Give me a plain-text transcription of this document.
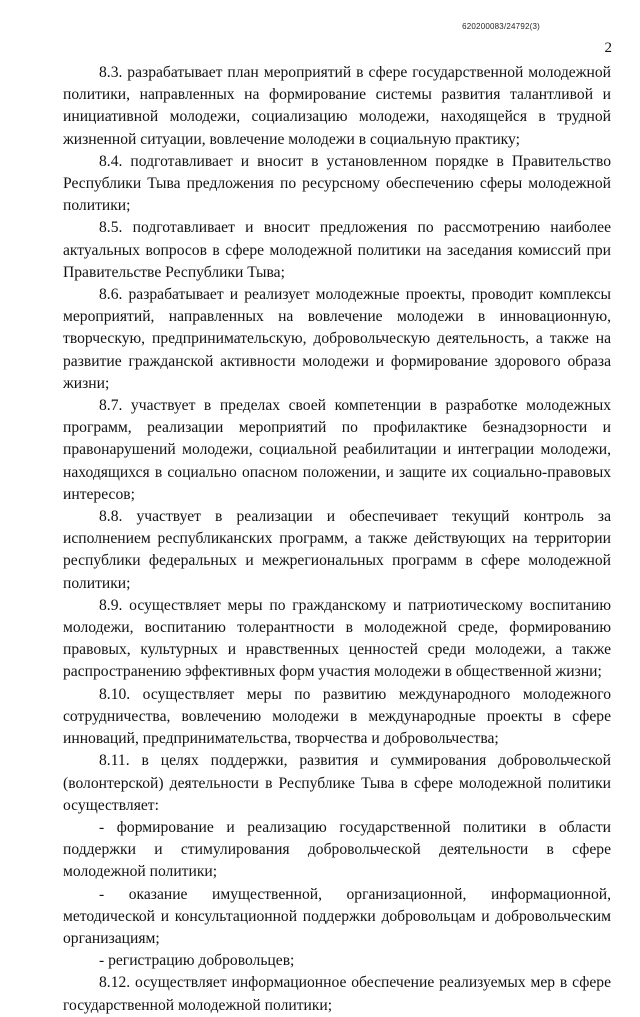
620200083/24792(3)
2

8.3. разрабатывает план мероприятий в сфере государственной молодежной политики, направленных на формирование системы развития талантливой и инициативной молодежи, социализацию молодежи, находящейся в трудной жизненной ситуации, вовлечение молодежи в социальную практику;

8.4. подготавливает и вносит в установленном порядке в Правительство Республики Тыва предложения по ресурсному обеспечению сферы молодежной политики;

8.5. подготавливает и вносит предложения по рассмотрению наиболее актуальных вопросов в сфере молодежной политики на заседания комиссий при Правительстве Республики Тыва;

8.6. разрабатывает и реализует молодежные проекты, проводит комплексы мероприятий, направленных на вовлечение молодежи в инновационную, творческую, предпринимательскую, добровольческую деятельность, а также на развитие гражданской активности молодежи и формирование здорового образа жизни;

8.7. участвует в пределах своей компетенции в разработке молодежных программ, реализации мероприятий по профилактике безнадзорности и правонарушений молодежи, социальной реабилитации и интеграции молодежи, находящихся в социально опасном положении, и защите их социально-правовых интересов;

8.8. участвует в реализации и обеспечивает текущий контроль за исполнением республиканских программ, а также действующих на территории республики федеральных и межрегиональных программ в сфере молодежной политики;

8.9. осуществляет меры по гражданскому и патриотическому воспитанию молодежи, воспитанию толерантности в молодежной среде, формированию правовых, культурных и нравственных ценностей среди молодежи, а также распространению эффективных форм участия молодежи в общественной жизни;

8.10. осуществляет меры по развитию международного молодежного сотрудничества, вовлечению молодежи в международные проекты в сфере инноваций, предпринимательства, творчества и добровольчества;

8.11. в целях поддержки, развития и суммирования добровольческой (волонтерской) деятельности в Республике Тыва в сфере молодежной политики осуществляет:

- формирование и реализацию государственной политики в области поддержки и стимулирования добровольческой деятельности в сфере молодежной политики;

- оказание имущественной, организационной, информационной, методической и консультационной поддержки добровольцам и добровольческим организациям;

- регистрацию добровольцев;

8.12. осуществляет информационное обеспечение реализуемых мер в сфере государственной молодежной политики;
